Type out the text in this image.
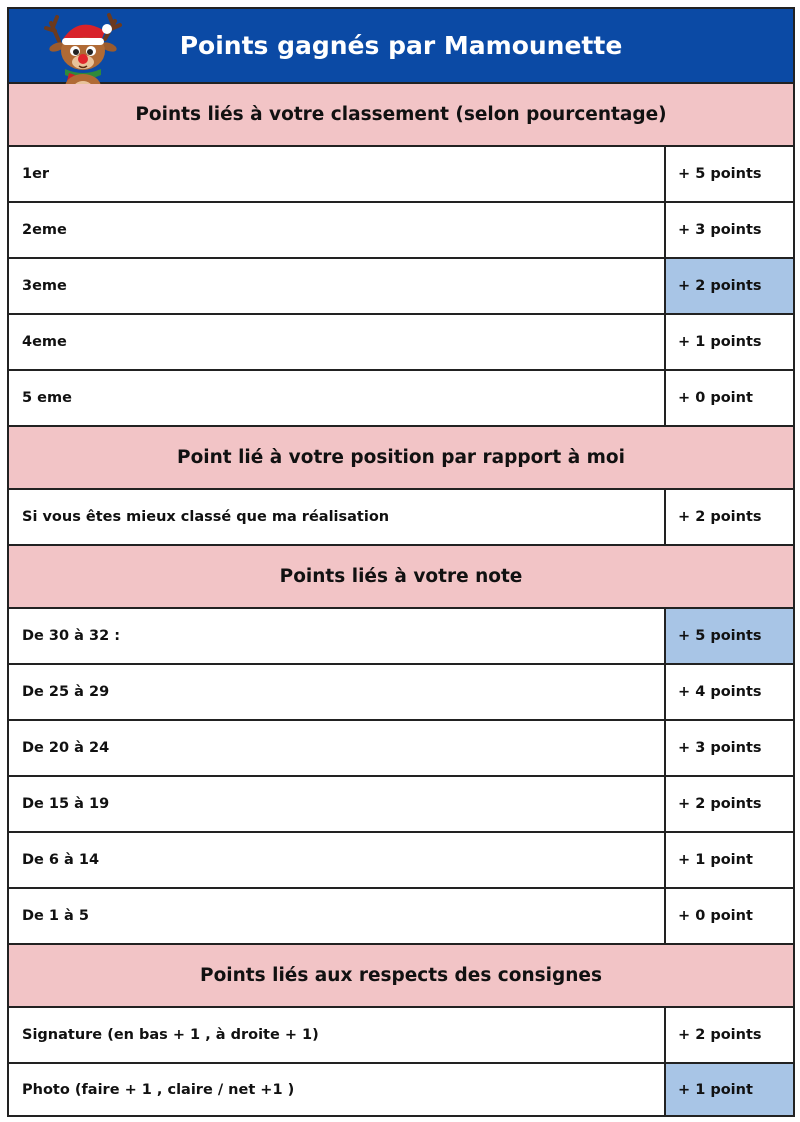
Points gagnés par Mamounette
Points liés à votre classement (selon pourcentage)
1er	+ 5 points
2eme	+ 3 points
3eme	+ 2 points
4eme	+ 1 points
5 eme	+ 0 point
Point lié à votre position par rapport à moi
Si vous êtes mieux classé que ma réalisation	+ 2 points
Points liés à votre note
De 30 à 32 :	+ 5 points
De 25 à 29	+ 4 points
De 20 à 24	+ 3 points
De 15 à 19	+ 2 points
De 6 à 14	+ 1 point
De 1 à 5	+ 0 point
Points liés aux respects des consignes
Signature (en bas + 1 , à droite + 1)	+ 2 points
Photo (faire + 1 , claire / net +1 )	+ 1 point
